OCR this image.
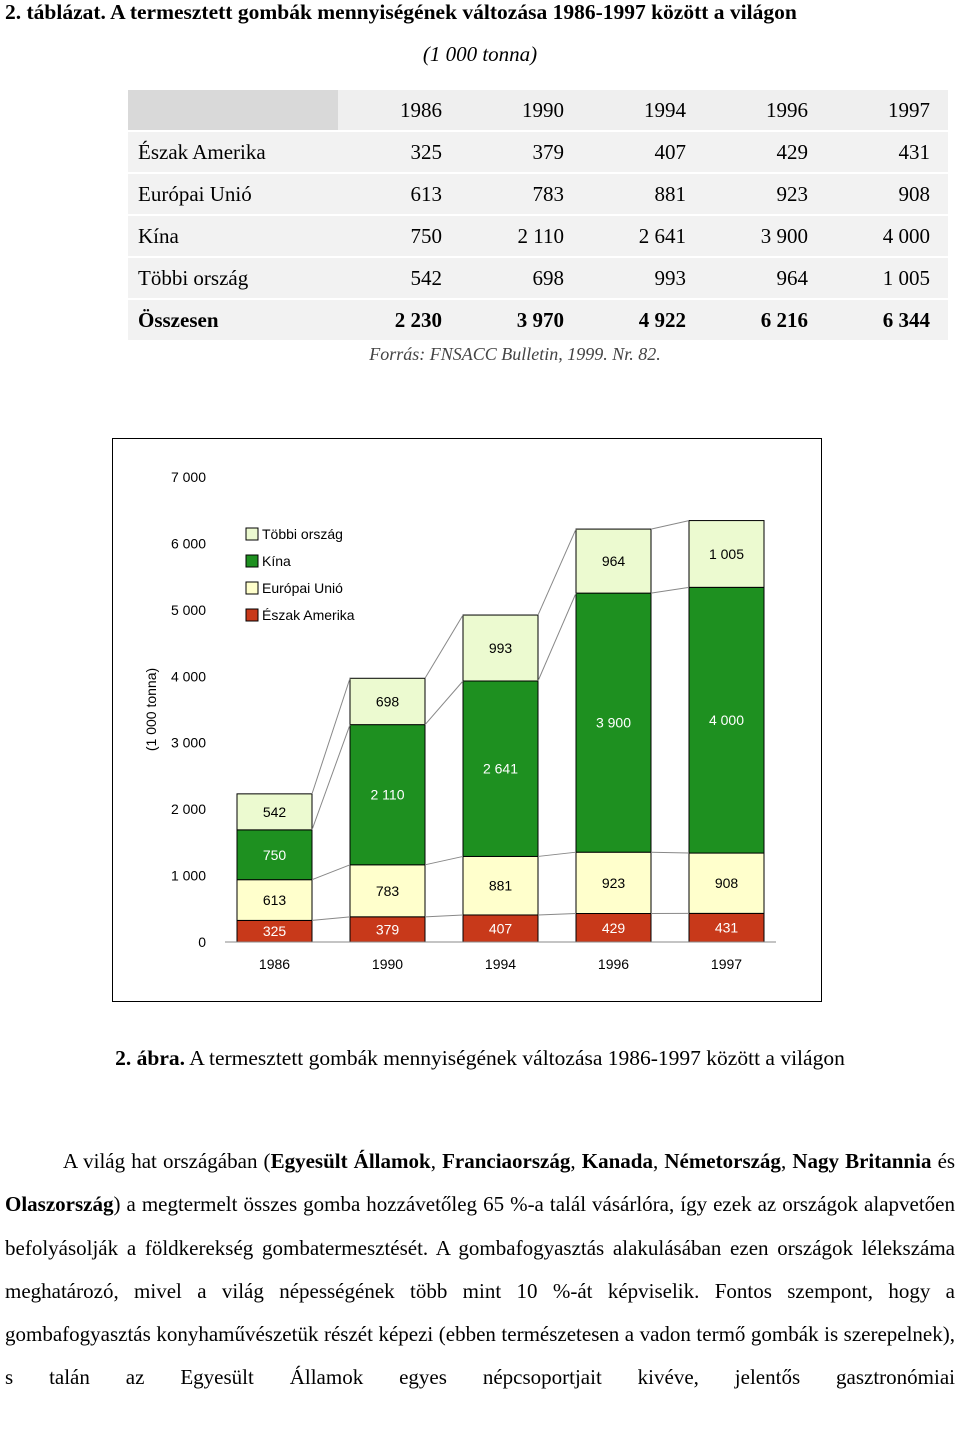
2. táblázat. A termesztett gombák mennyiségének változása 1986-1997 között a világon
(1 000 tonna)
	1986	1990	1994	1996	1997
Észak Amerika	325	379	407	429	431
Európai Unió	613	783	881	923	908
Kína	750	2 110	2 641	3 900	4 000
Többi ország	542	698	993	964	1 005
Összesen	2 230	3 970	4 922	6 216	6 344
Forrás: FNSACC Bulletin, 1999. Nr. 82.
0
1 000
2 000
3 000
4 000
5 000
6 000
7 000
(1 000 tonna)
325	379	407	429	431
613
783	881	923	908
750
2 110
2 641
3 900	4 000
542
698
993
964	1 005
1986	1990	1994	1996	1997
Többi ország
Kína
Európai Unió
Észak Amerika
2. ábra. A termesztett gombák mennyiségének változása 1986-1997 között a világon

A világ hat országában (Egyesült Államok, Franciaország, Kanada, Németország, Nagy Britannia és Olaszország) a megtermelt összes gomba hozzávetőleg 65 %-a talál vásárlóra, így ezek az országok alapvetően befolyásolják a földkerekség gombatermesztését. A gombafogyasztás alakulásában ezen országok lélekszáma meghatározó, mivel a világ népességének több mint 10 %-át képviselik. Fontos szempont, hogy a gombafogyasztás konyhaművészetük részét képezi (ebben természetesen a vadon termő gombák is szerepelnek), s talán az Egyesült Államok egyes népcsoportjait kivéve, jelentős gasztronómiai
